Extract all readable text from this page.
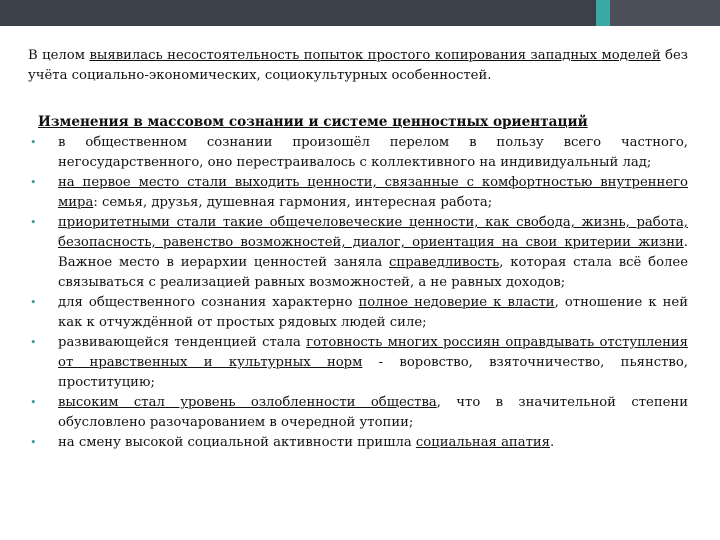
В целом выявилась несостоятельность попыток простого копирования западных моделей без учёта социально-экономических, социокультурных особенностей.
Изменения в массовом сознании и системе ценностных ориентаций
• в общественном сознании произошёл перелом в пользу всего частного, негосударственного, оно перестраивалось с коллективного на индивидуальный лад;
• на первое место стали выходить ценности, связанные с комфортностью внутреннего мира: семья, друзья, душевная гармония, интересная работа;
• приоритетными стали такие общечеловеческие ценности, как свобода, жизнь, работа, безопасность, равенство возможностей, диалог, ориентация на свои критерии жизни. Важное место в иерархии ценностей заняла справедливость, которая стала всё более связываться с реализацией равных возможностей, а не равных доходов;
• для общественного сознания характерно полное недоверие к власти, отношение к ней как к отчуждённой от простых рядовых людей силе;
• развивающейся тенденцией стала готовность многих россиян оправдывать отступления от нравственных и культурных норм - воровство, взяточничество, пьянство, проституцию;
• высоким стал уровень озлобленности общества, что в значительной степени обусловлено разочарованием в очередной утопии;
• на смену высокой социальной активности пришла социальная апатия.
